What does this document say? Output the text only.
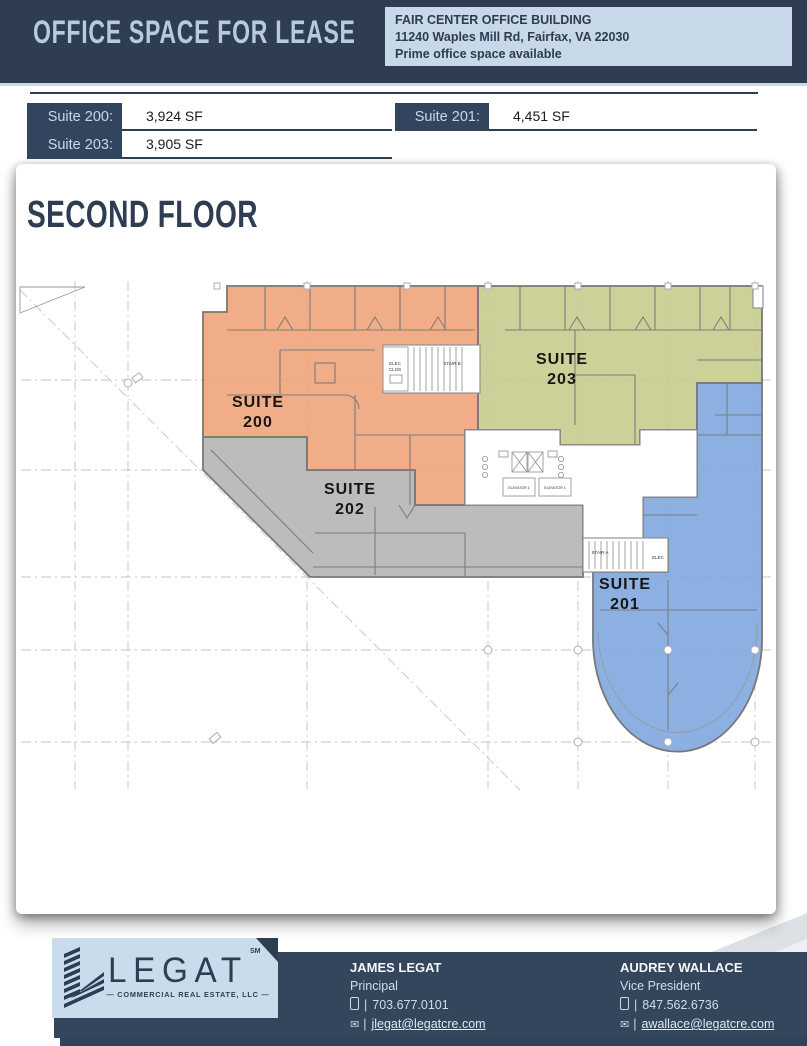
OFFICE SPACE FOR LEASE	FAIR CENTER OFFICE BUILDING
11240 Waples Mill Rd, Fairfax, VA 22030
Prime office space available
Suite 200:	3,924 SF	Suite 201:	4,451 SF
Suite 203:	3,905 SF
SECOND FLOOR
SUITE
200
SUITE
203
SUITE
202
SUITE
201
ELEC
CLOS
STAIR B
STAIR A
ELEC
ELEVATOR 1	ELEVATOR 1
LEGAT SM
— COMMERCIAL REAL ESTATE, LLC —
JAMES LEGAT
Principal
| 703.677.0101
✉ | jlegat@legatcre.com
AUDREY WALLACE
Vice President
| 847.562.6736
✉ | awallace@legatcre.com
